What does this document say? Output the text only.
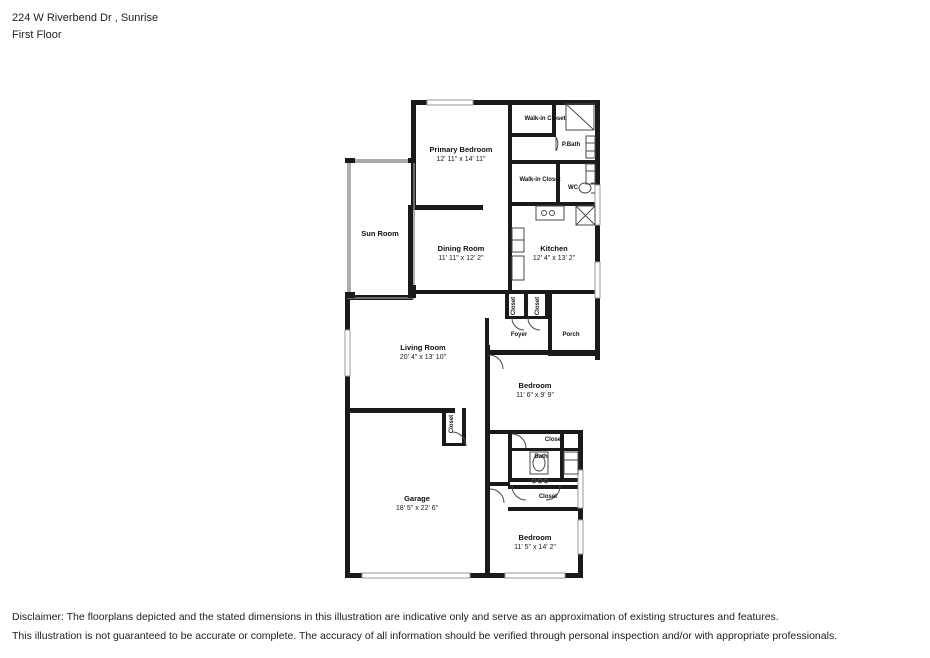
224 W Riverbend Dr , Sunrise
First Floor
Walk-in Closet
P.Bath
Primary Bedroom
12' 11" x 14' 11"
Walk-in Closet
WC
Sun Room
Dining Room
11' 11" x 12' 2"
Kitchen
12' 4" x 13' 2"
Closet	Closet
Foyer	Porch
Living Room
20' 4" x 13' 10"
Bedroom
11' 6" x 9' 9"
Closet
Closet
Bath
Closet
Garage
18' 5" x 22' 6"
Bedroom
11' 5" x 14' 2"
Disclaimer: The floorplans depicted and the stated dimensions in this illustration are indicative only and serve as an approximation of existing structures and features.
This illustration is not guaranteed to be accurate or complete. The accuracy of all information should be verified through personal inspection and/or with appropriate professionals.
